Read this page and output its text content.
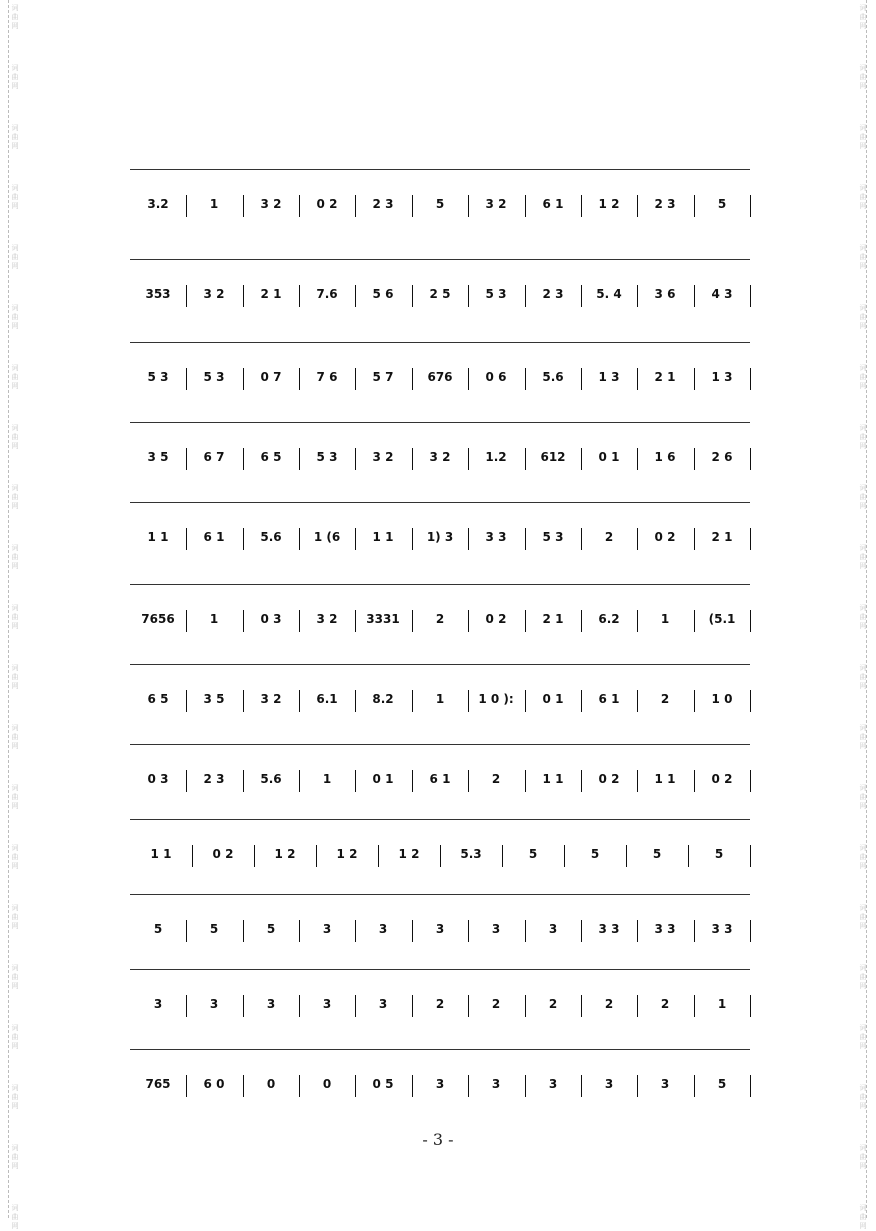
词
曲
网
词
曲
网
词
曲
网
词
曲
网
词
曲
网
词
曲
网
词
曲
网
词
曲
网
词
曲
网
词
曲
网
词
曲
网
词
曲
网
词
曲
网
词
曲
网
词
曲
网
词
曲
网
词
曲
网
词
曲
网
词
曲
网
词
曲
网
词
曲
网
词
曲
网
词
曲
网
词
曲
网
词
曲
网
词
曲
网
词
曲
网
词
曲
网
词
曲
网
词
曲
网
词
曲
网
词
曲
网
词
曲
网
词
曲
网
词
曲
网
词
曲
网
词
曲
网
词
曲
网
词
曲
网
词
曲
网
词
曲
网
词
曲
网
3.2	1	3 2	0 2	2 3	5	3 2	6 1	1 2	2 3	5
353	3 2	2 1	7.6	5 6	2 5	5 3	2 3	5. 4	3 6	4 3
5 3	5 3	0 7	7 6	5 7	676	0 6	5.6	1 3	2 1	1 3
3 5	6 7	6 5	5 3	3 2	3 2	1.2	612	0 1	1 6	2 6
1 1	6 1	5.6	1 (6	1 1	1) 3	3 3	5 3	2	0 2	2 1
7656	1	0 3	3 2	3331	2	0 2	2 1	6.2	1	(5.1
6 5	3 5	3 2	6.1	8.2	1	1 0 ):	0 1	6 1	2	1 0
0 3	2 3	5.6	1	0 1	6 1	2	1 1	0 2	1 1	0 2
1 1	0 2	1 2	1 2	1 2	5.3	5	5	5	5
5	5	5	3	3	3	3	3	3 3	3 3	3 3
3	3	3	3	3	2	2	2	2	2	1
765	6 0	0	0	0 5	3	3	3	3	3	5
- 3 -
